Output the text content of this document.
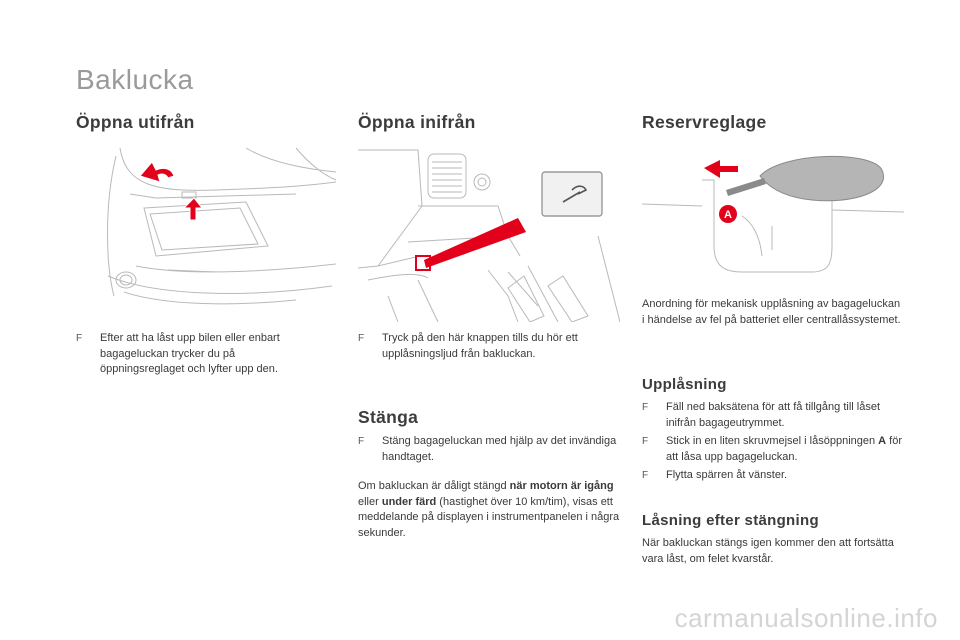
Baklucka
Öppna utifrån
F Efter att ha låst upp bilen eller enbart bagageluckan trycker du på öppningsreglaget och lyfter upp den.
Öppna inifrån
F Tryck på den här knappen tills du hör ett upplåsningsljud från bakluckan.
Stänga
F Stäng bagageluckan med hjälp av det invändiga handtaget.
Om bakluckan är dåligt stängd när motorn är igång eller under färd (hastighet över 10 km/tim), visas ett meddelande på displayen i instrumentpanelen i några sekunder.
Reservreglage
A
Anordning för mekanisk upplåsning av bagageluckan i händelse av fel på batteriet eller centrallåssystemet.
Upplåsning
F Fäll ned baksätena för att få tillgång till låset inifrån bagageutrymmet.
F Stick in en liten skruvmejsel i låsöppningen A för att låsa upp bagageluckan.
F Flytta spärren åt vänster.
Låsning efter stängning
När bakluckan stängs igen kommer den att fortsätta vara låst, om felet kvarstår.
carmanualsonline.info
